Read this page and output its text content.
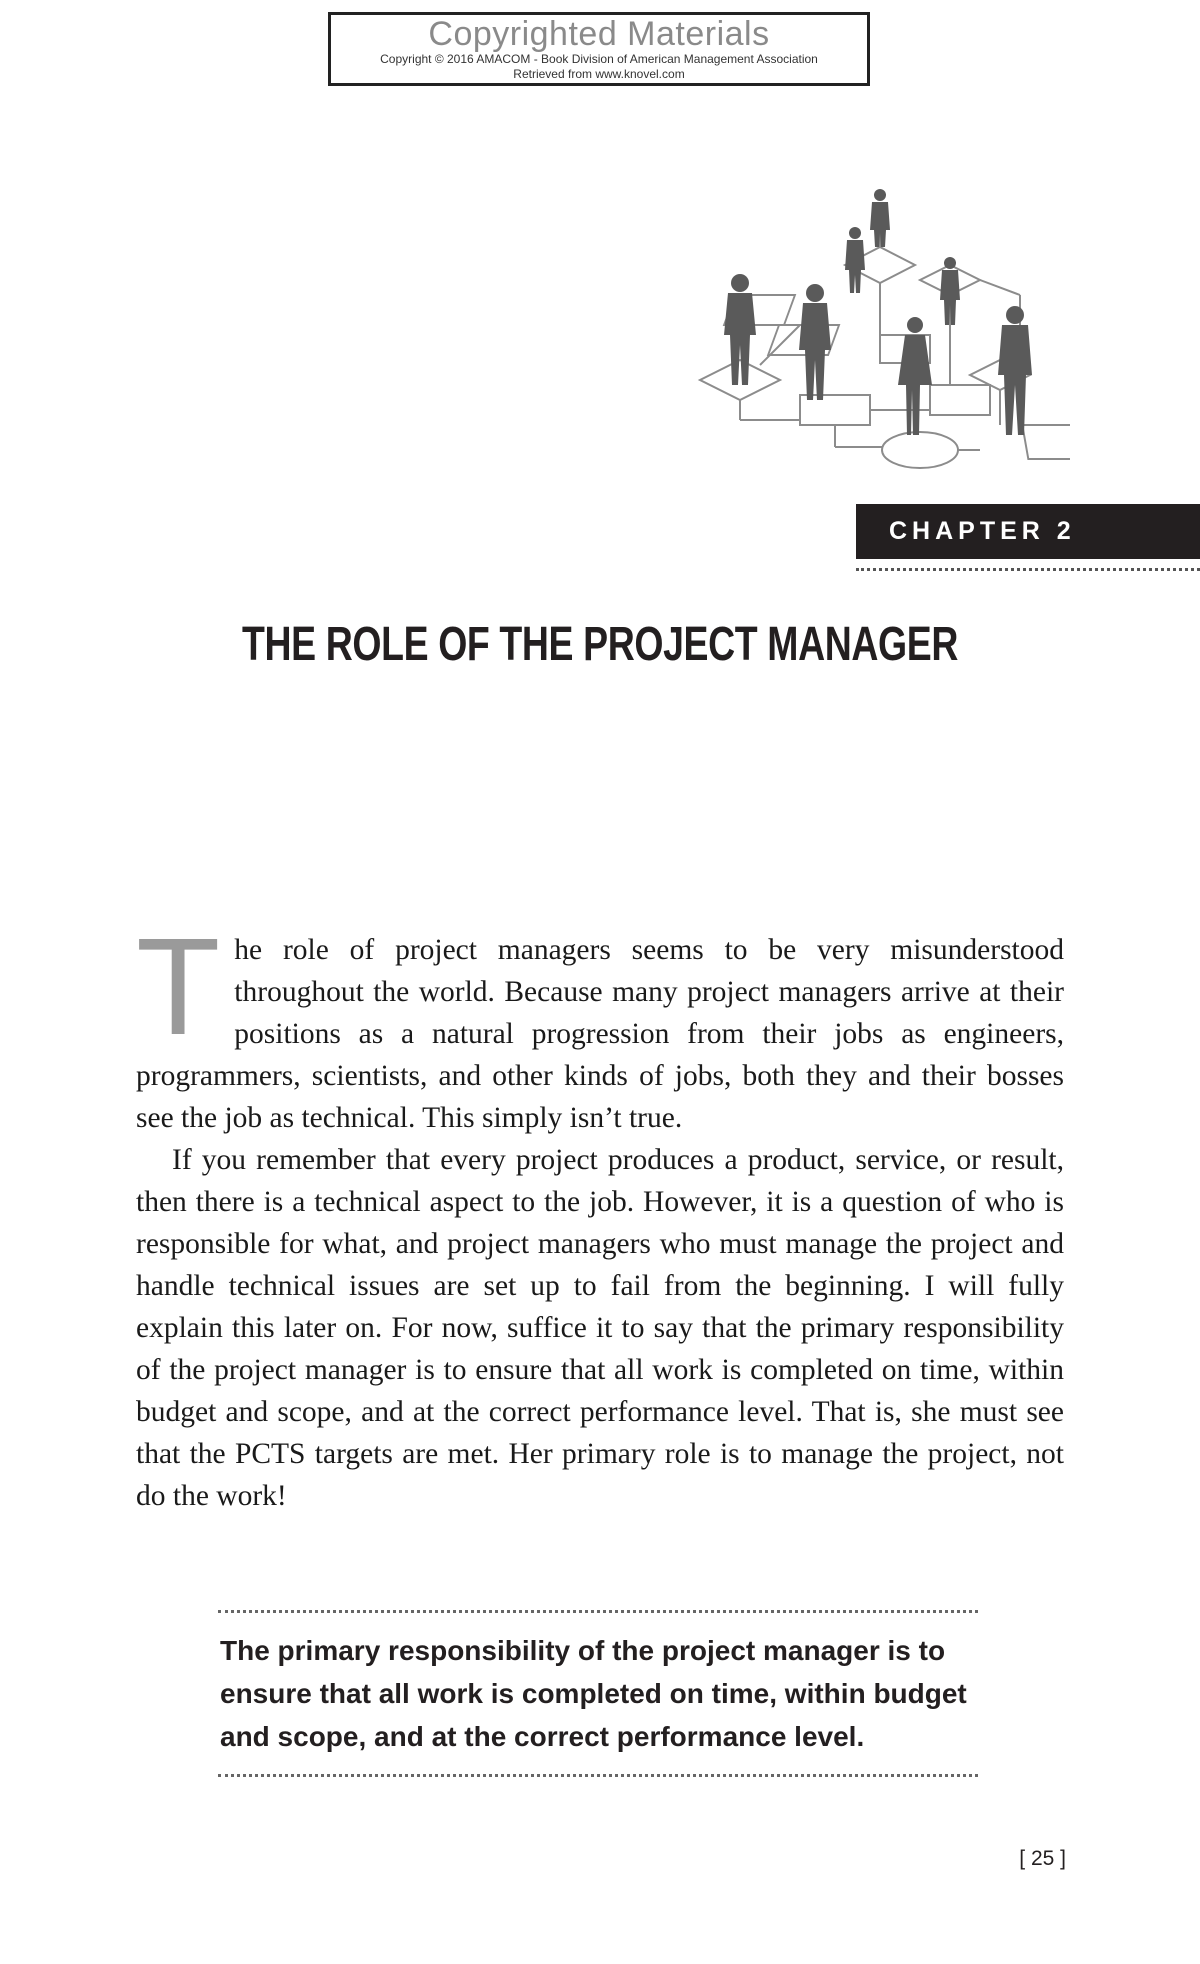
Copyrighted Materials
Copyright © 2016 AMACOM - Book Division of American Management Association
Retrieved from www.knovel.com
CHAPTER 2
THE ROLE OF THE PROJECT MANAGER

The role of project managers seems to be very misunderstood throughout the world. Because many project managers arrive at their positions as a natural progression from their jobs as engineers, programmers, scientists, and other kinds of jobs, both they and their bosses see the job as technical. This simply isn’t true.

If you remember that every project produces a product, service, or result, then there is a technical aspect to the job. However, it is a question of who is responsible for what, and project managers who must manage the project and handle technical issues are set up to fail from the beginning. I will fully explain this later on. For now, suffice it to say that the primary responsibility of the project manager is to ensure that all work is completed on time, within budget and scope, and at the correct performance level. That is, she must see that the PCTS targets are met. Her primary role is to manage the project, not do the work!

The primary responsibility of the project manager is to ensure that all work is completed on time, within budget and scope, and at the correct performance level.

[ 25 ]
